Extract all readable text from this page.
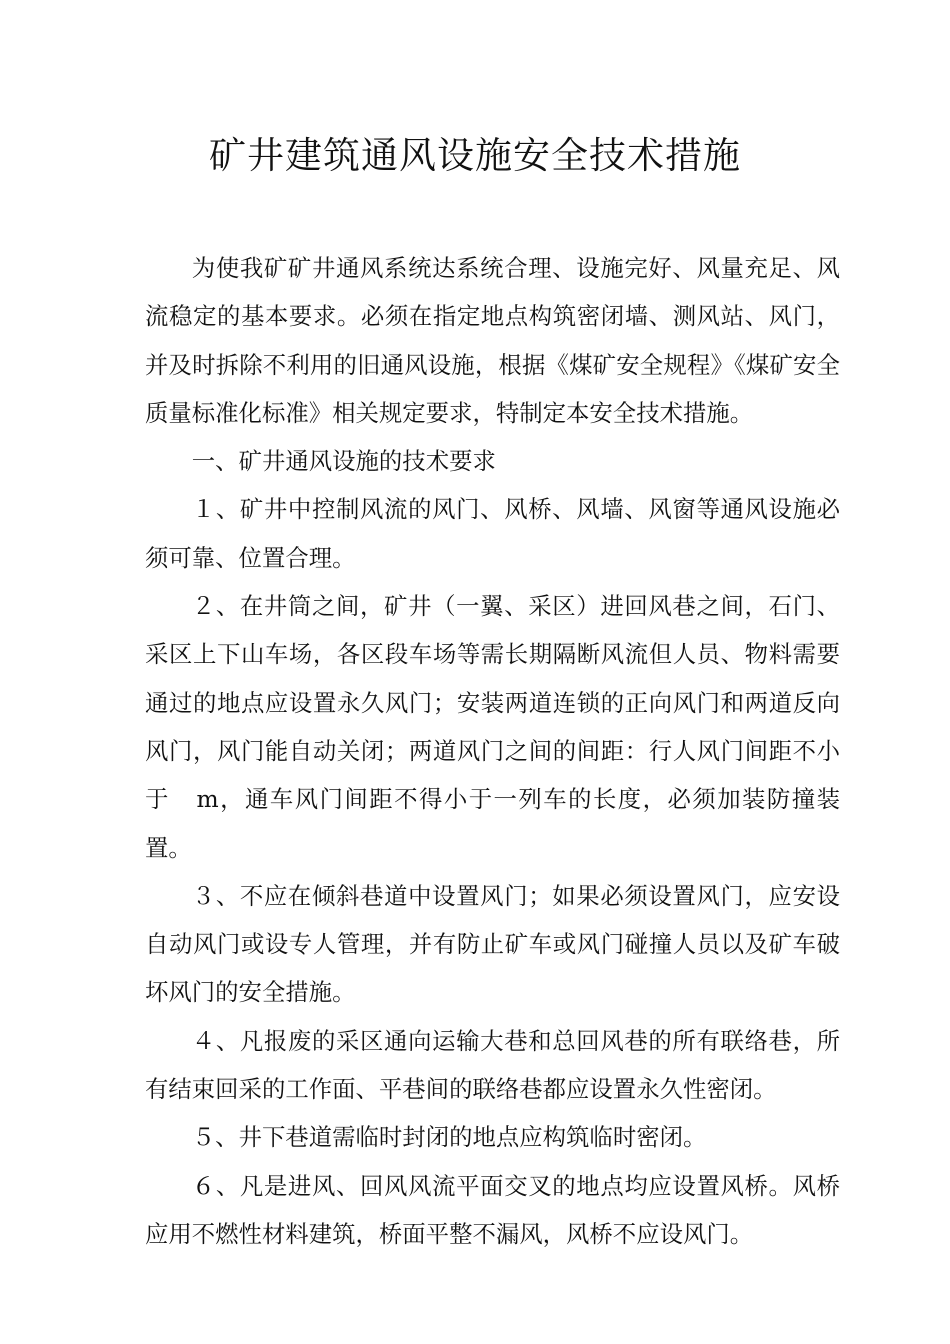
矿井建筑通风设施安全技术措施

为使我矿矿井通风系统达系统合理、设施完好、风量充足、风流稳定的基本要求。必须在指定地点构筑密闭墙、测风站、风门，并及时拆除不利用的旧通风设施，根据《煤矿安全规程》《煤矿安全质量标准化标准》相关规定要求，特制定本安全技术措施。

一、矿井通风设施的技术要求

１、矿井中控制风流的风门、风桥、风墙、风窗等通风设施必须可靠、位置合理。

２、在井筒之间，矿井（一翼、采区）进回风巷之间，石门、采区上下山车场，各区段车场等需长期隔断风流但人员、物料需要通过的地点应设置永久风门；安装两道连锁的正向风门和两道反向风门，风门能自动关闭；两道风门之间的间距：行人风门间距不小于   m，通车风门间距不得小于一列车的长度，必须加装防撞装置。

３、不应在倾斜巷道中设置风门；如果必须设置风门，应安设自动风门或设专人管理，并有防止矿车或风门碰撞人员以及矿车破坏风门的安全措施。

４、凡报废的采区通向运输大巷和总回风巷的所有联络巷，所有结束回采的工作面、平巷间的联络巷都应设置永久性密闭。

５、井下巷道需临时封闭的地点应构筑临时密闭。

６、凡是进风、回风风流平面交叉的地点均应设置风桥。风桥应用不燃性材料建筑，桥面平整不漏风，风桥不应设风门。
